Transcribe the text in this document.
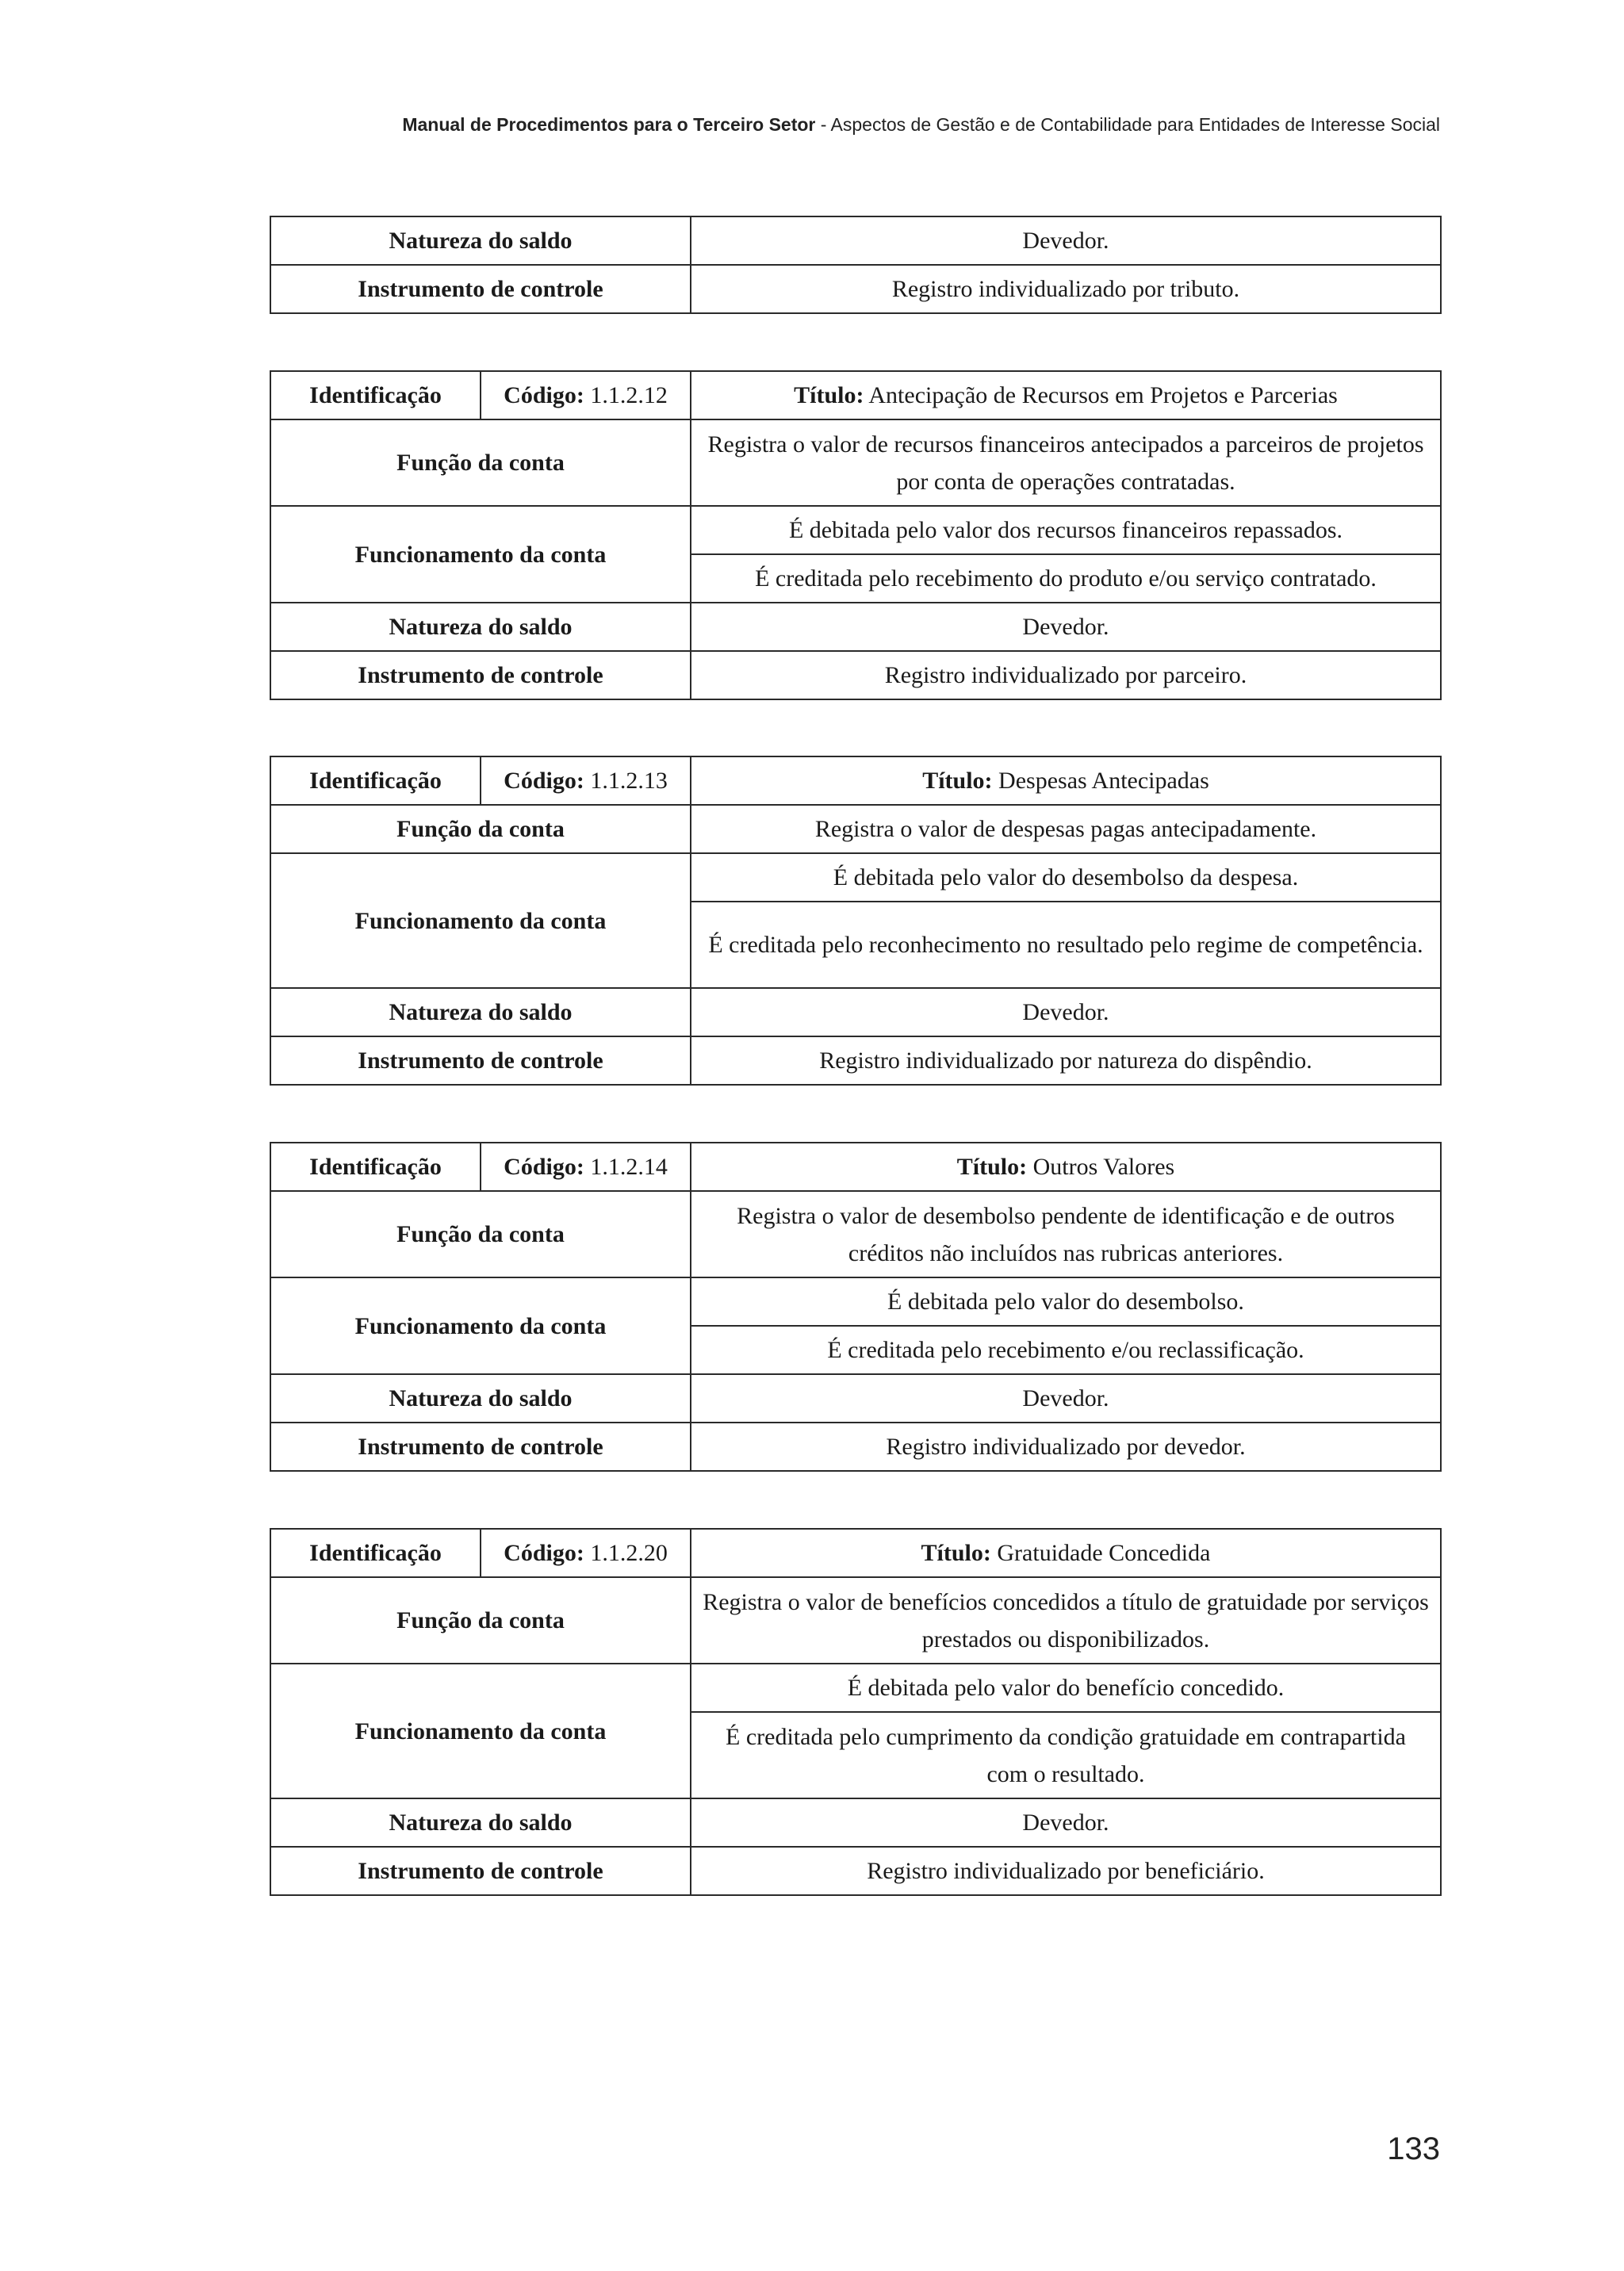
Manual de Procedimentos para o Terceiro Setor - Aspectos de Gestão e de Contabilidade para Entidades de Interesse Social
Natureza do saldo	Devedor.
Instrumento de controle	Registro individualizado por tributo.
Identificação	Código: 1.1.2.12	Título: Antecipação de Recursos em Projetos e Parcerias
Função da conta		Registra o valor de recursos financeiros antecipados a parceiros de projetos por conta de operações contratadas.
Funcionamento da conta		É debitada pelo valor dos recursos financeiros repassados.
		É creditada pelo recebimento do produto e/ou serviço contratado.
Natureza do saldo		Devedor.
Instrumento de controle		Registro individualizado por parceiro.
Identificação	Código: 1.1.2.13	Título: Despesas Antecipadas
Função da conta		Registra o valor de despesas pagas antecipadamente.
Funcionamento da conta		É debitada pelo valor do desembolso da despesa.
		É creditada pelo reconhecimento no resultado pelo regime de competência.
Natureza do saldo		Devedor.
Instrumento de controle		Registro individualizado por natureza do dispêndio.
Identificação	Código: 1.1.2.14	Título: Outros Valores
Função da conta		Registra o valor de desembolso pendente de identificação e de outros créditos não incluídos nas rubricas anteriores.
Funcionamento da conta		É debitada pelo valor do desembolso.
		É creditada pelo recebimento e/ou reclassificação.
Natureza do saldo		Devedor.
Instrumento de controle		Registro individualizado por devedor.
Identificação	Código: 1.1.2.20	Título: Gratuidade Concedida
Função da conta		Registra o valor de benefícios concedidos a título de gratuidade por serviços prestados ou disponibilizados.
Funcionamento da conta		É debitada pelo valor do benefício concedido.
		É creditada pelo cumprimento da condição gratuidade em contrapartida com o resultado.
Natureza do saldo		Devedor.
Instrumento de controle		Registro individualizado por beneficiário.
133
